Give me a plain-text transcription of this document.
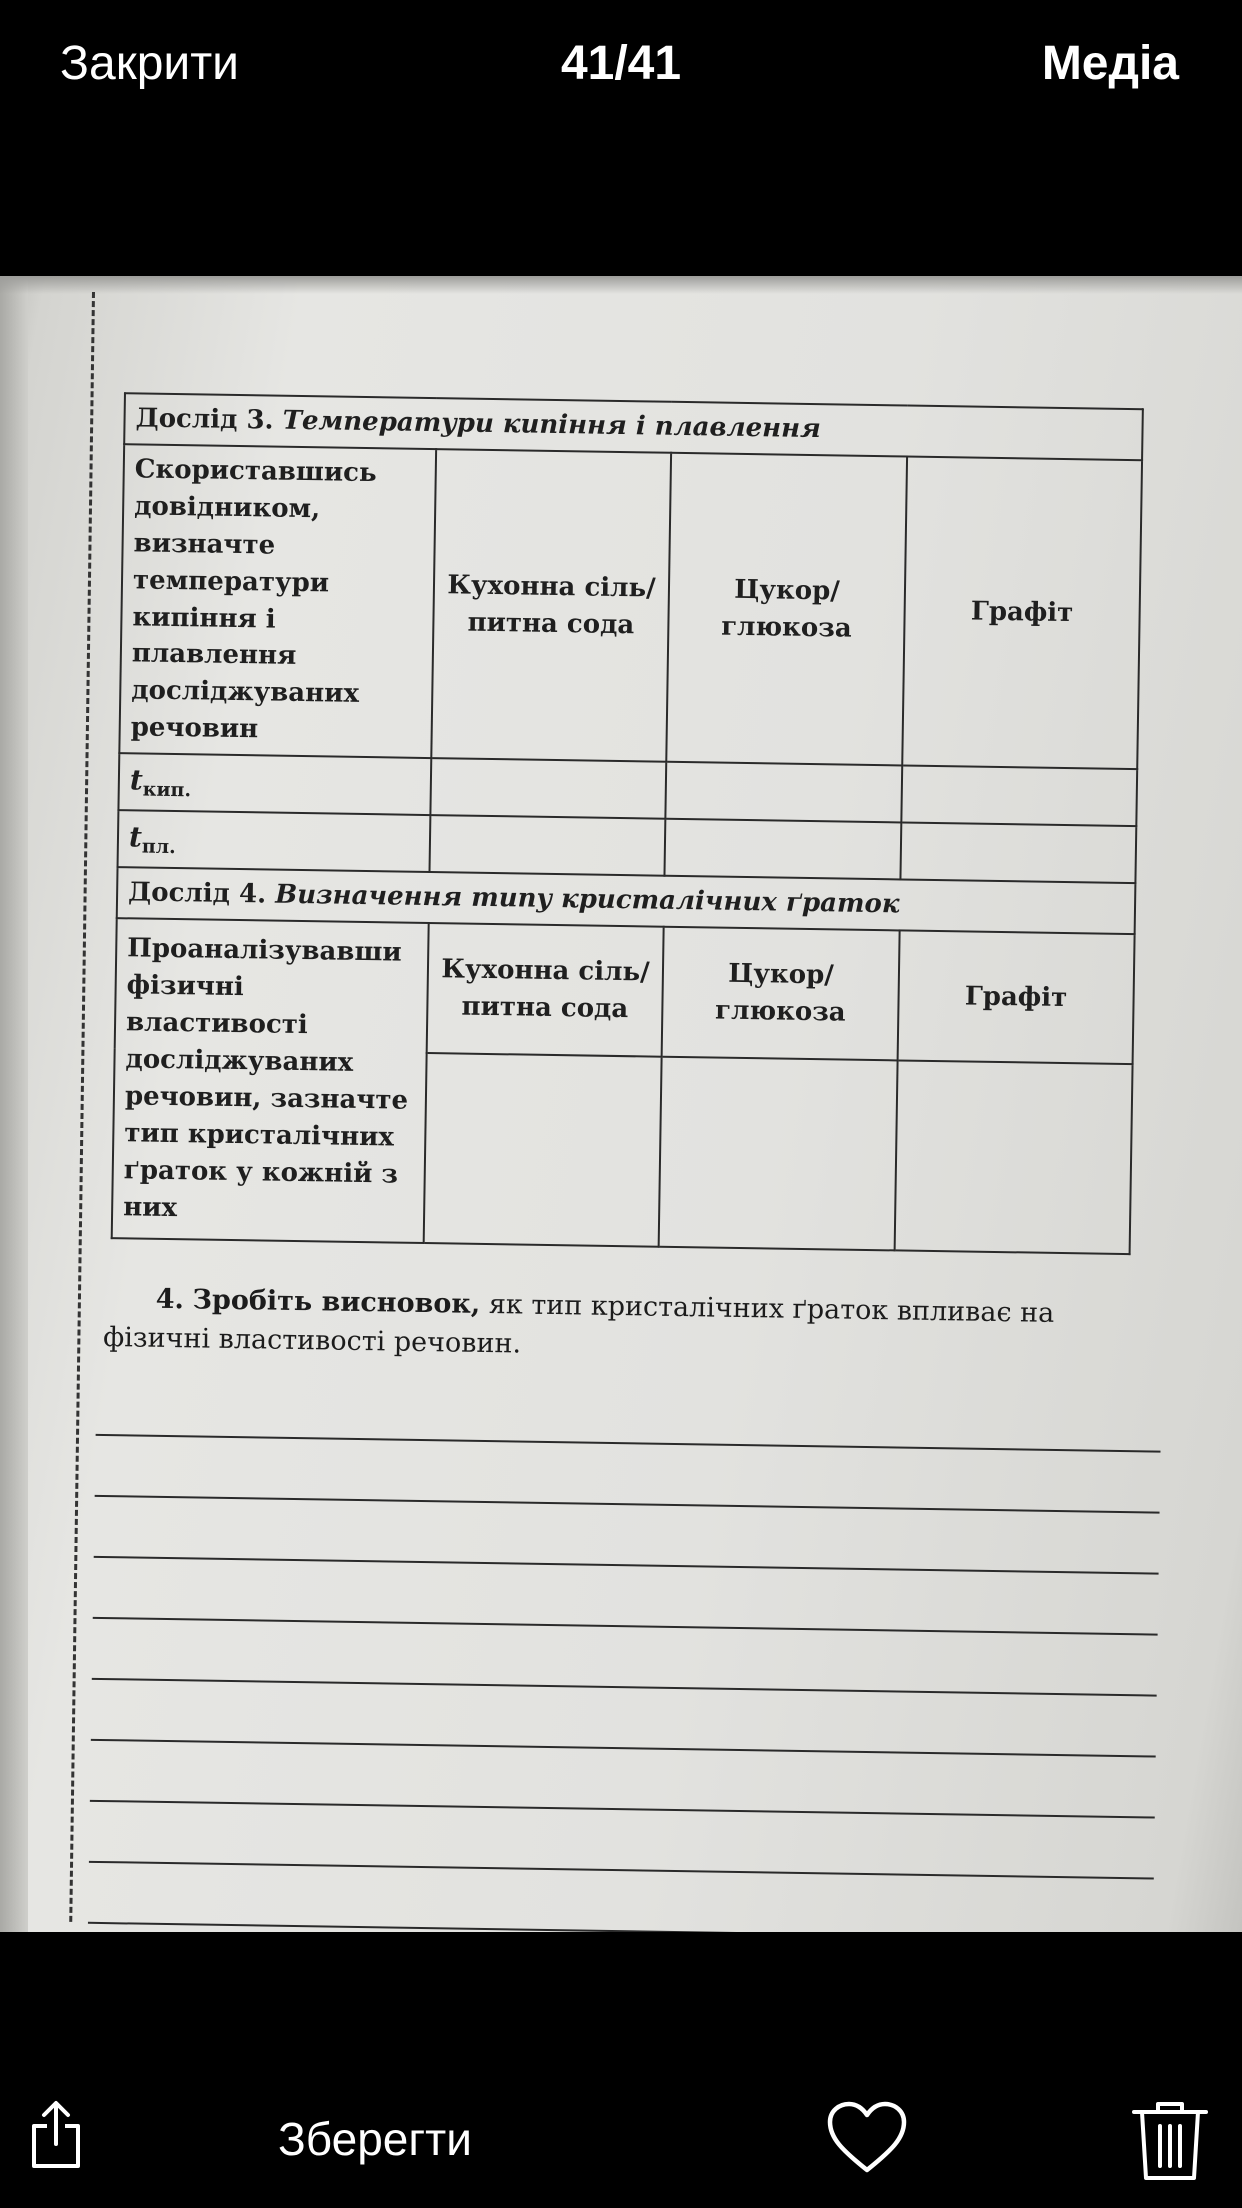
Закрити	41/41	Медіа
Дослід 3. Температури кипіння і плавлення			
Скориставшись довідником, визначте температури кипіння і плавлення досліджуваних речовин	Кухонна сіль/питна сода	Цукор/ глюкоза	Графіт
$t_{кип.}$			
$t_{пл.}$			
Дослід 4. Визначення типу кристалічних ґраток			
Проаналізувавши фізичні властивості досліджуваних речовин, зазначте тип кристалічних ґраток у кожній з них	Кухонна сіль/питна сода	Цукор/ глюкоза	Графіт

4. Зробіть висновок, як тип кристалічних ґраток впливає на фізичні властивості речовин.
Зберегти
